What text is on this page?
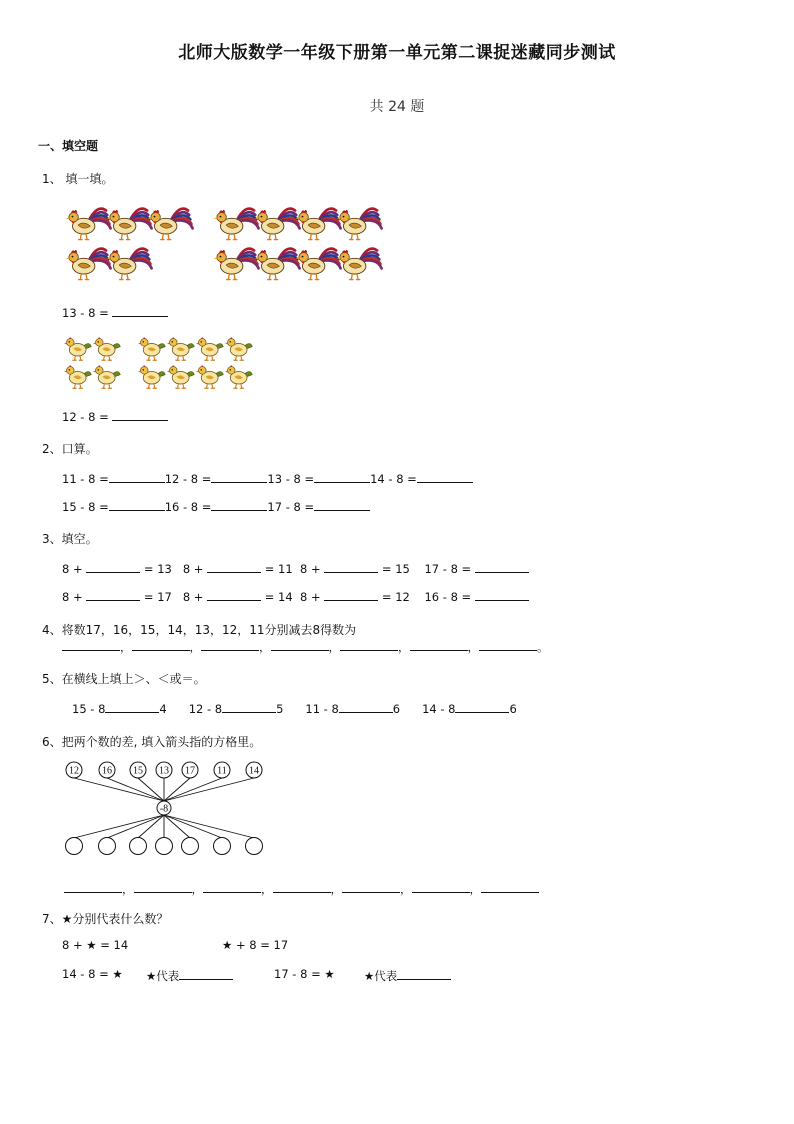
北师大版数学一年级下册第一单元第二课捉迷藏同步测试
共 24 题
一、填空题
1、 填一填。
13 - 8 =
12 - 8 =
2、口算。
11 - 8 =	12 - 8 =	13 - 8 =	14 - 8 =
15 - 8 =	16 - 8 =	17 - 8 =
3、填空。
8 +	= 13 8 +	= 11 8 +	= 15 17 - 8 =
8 +	= 17 8 +	= 14 8 +	= 12 16 - 8 =
4、将数17，16，15，14，13，12，11分别减去8得数为
，	，	，	，	，	，	。
5、在横线上填上＞、＜或＝。
15 - 8	4 12 - 8	5 11 - 8	6 14 - 8	6
6、把两个数的差, 填入箭头指的方格里。
12 16 15 13 17 11 14
-8
，	，	，	，	，	，
7、★分别代表什么数？
8 + ★ = 14	★ + 8 = 17
14 - 8 = ★ ★代表	17 - 8 = ★	★代表
